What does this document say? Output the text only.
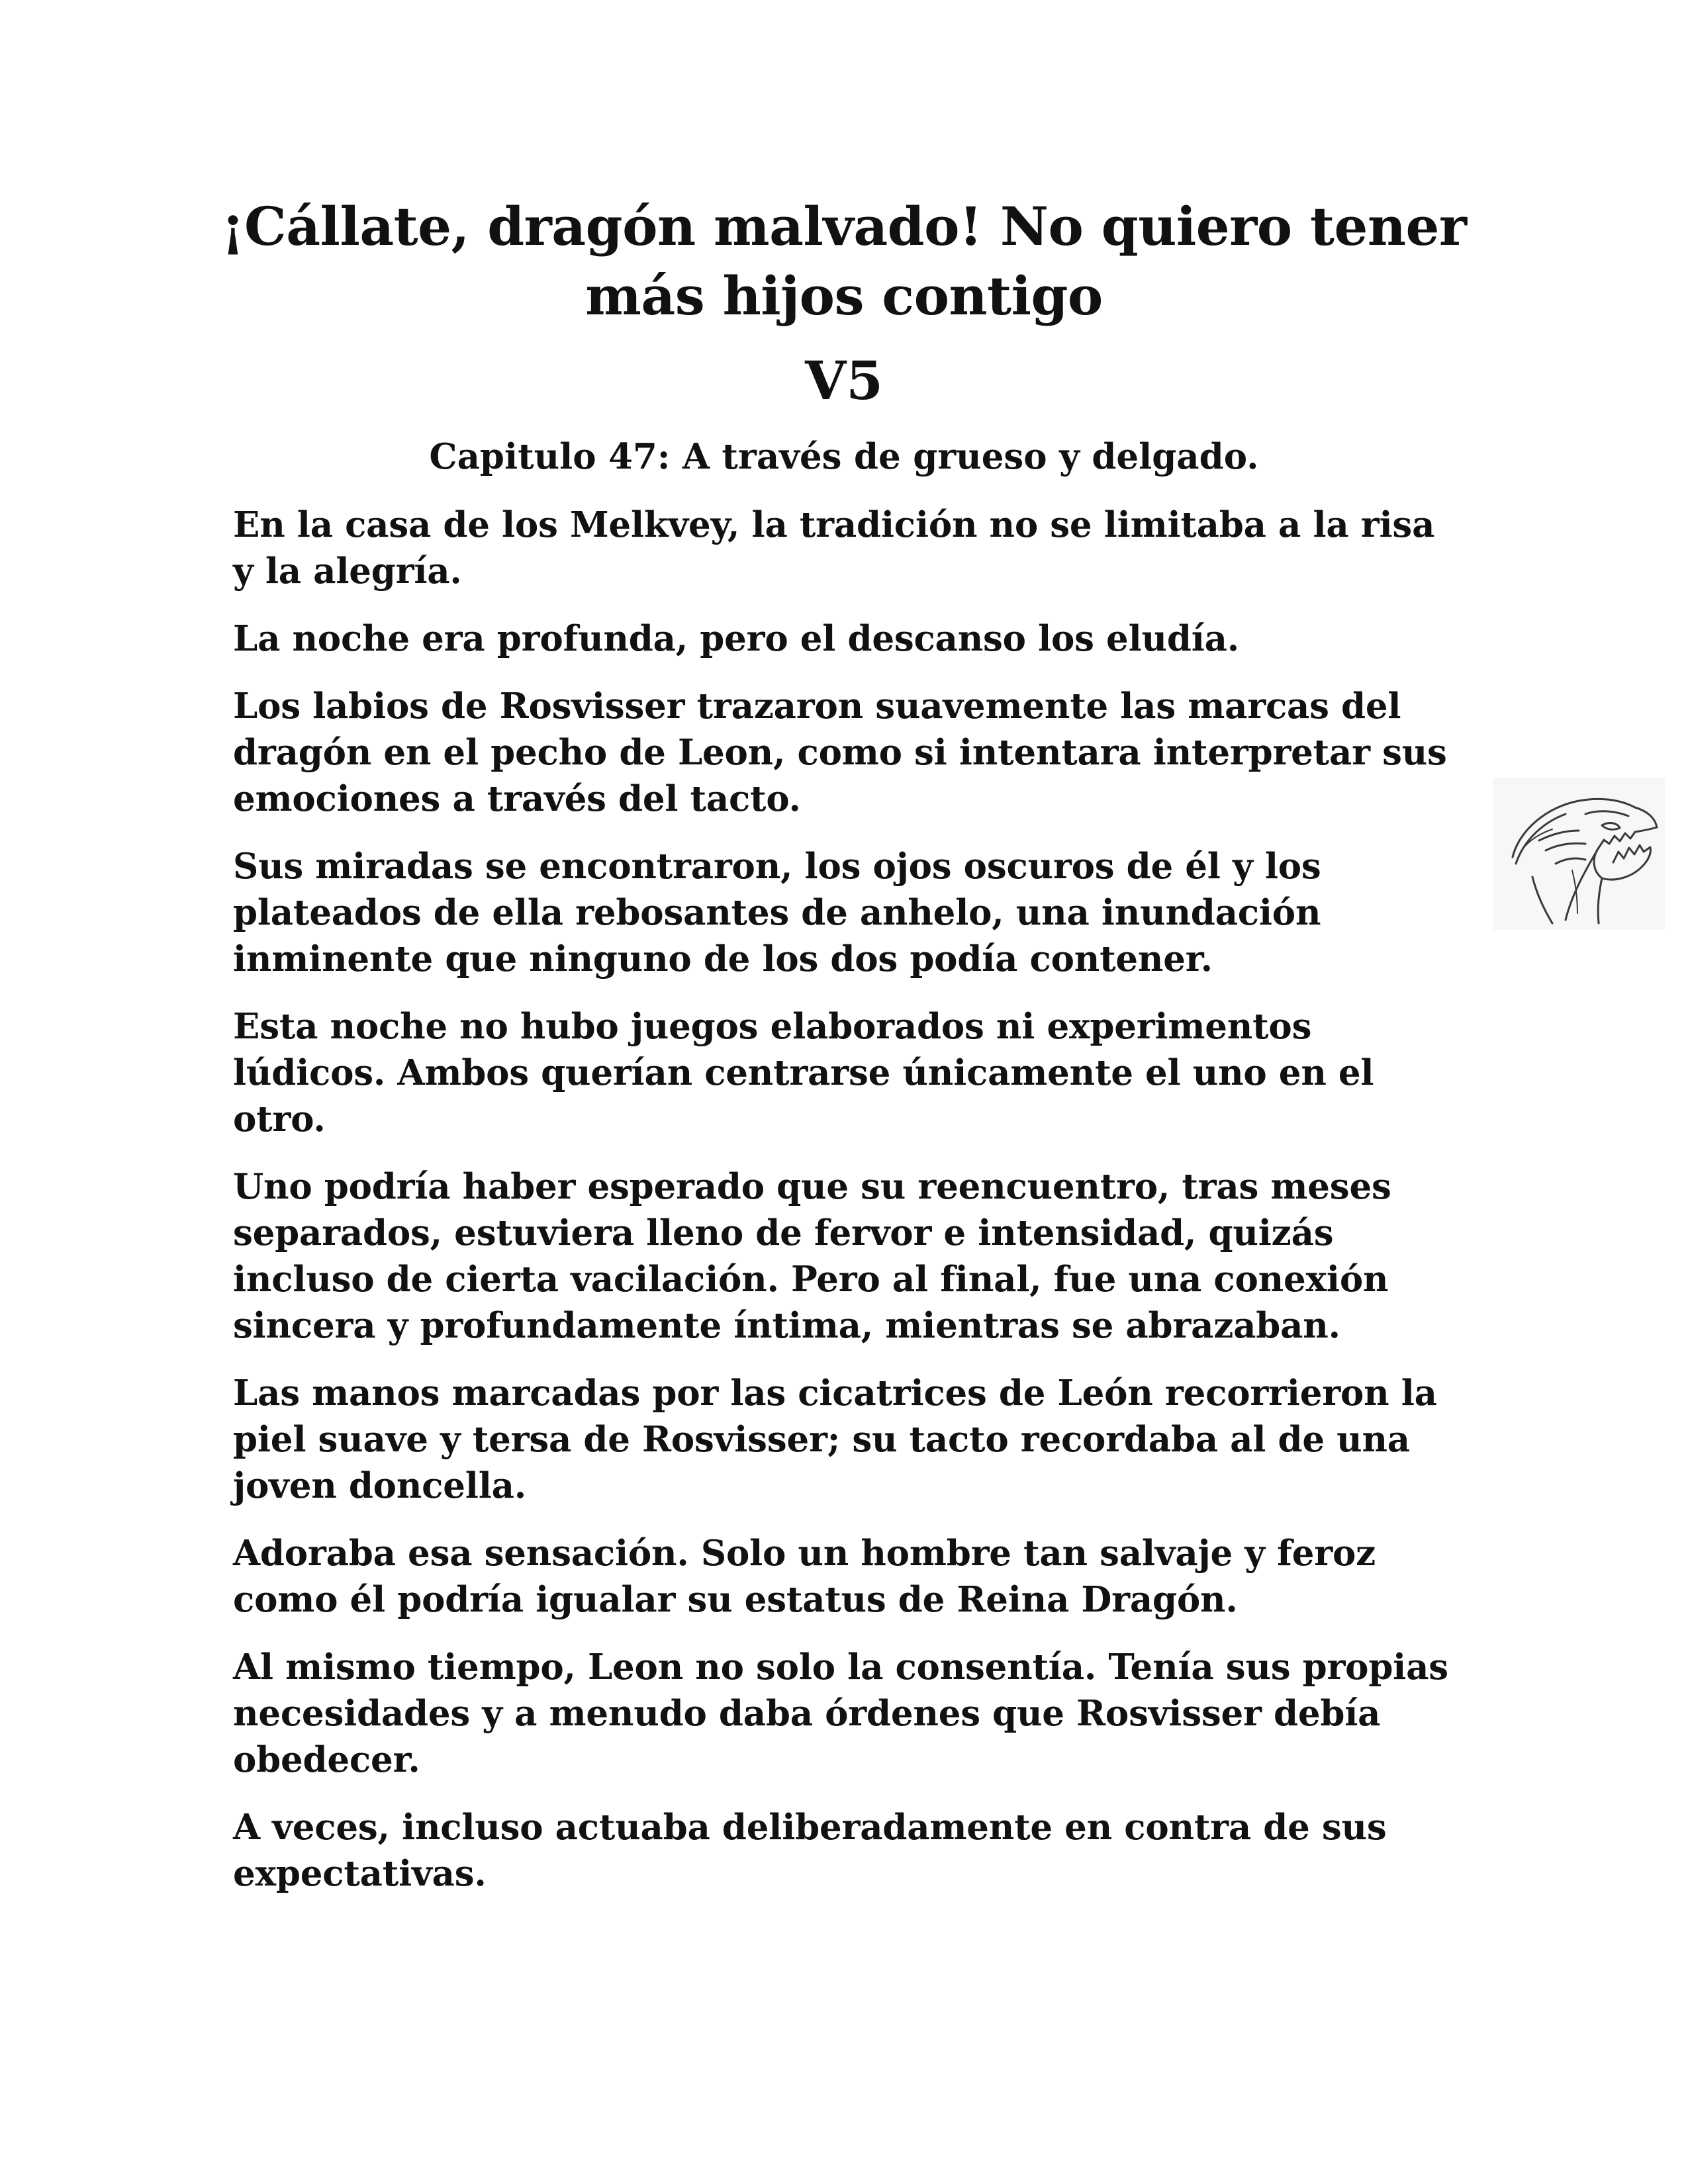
¡Cállate, dragón malvado! No quiero tener más hijos contigo
V5
Capitulo 47: A través de grueso y delgado.

En la casa de los Melkvey, la tradición no se limitaba a la risa y la alegría.

La noche era profunda, pero el descanso los eludía.

Los labios de Rosvisser trazaron suavemente las marcas del dragón en el pecho de Leon, como si intentara interpretar sus emociones a través del tacto.

Sus miradas se encontraron, los ojos oscuros de él y los plateados de ella rebosantes de anhelo, una inundación inminente que ninguno de los dos podía contener.

Esta noche no hubo juegos elaborados ni experimentos lúdicos. Ambos querían centrarse únicamente el uno en el otro.

Uno podría haber esperado que su reencuentro, tras meses separados, estuviera lleno de fervor e intensidad, quizás incluso de cierta vacilación. Pero al final, fue una conexión sincera y profundamente íntima, mientras se abrazaban.

Las manos marcadas por las cicatrices de León recorrieron la piel suave y tersa de Rosvisser; su tacto recordaba al de una joven doncella.

Adoraba esa sensación. Solo un hombre tan salvaje y feroz como él podría igualar su estatus de Reina Dragón.

Al mismo tiempo, Leon no solo la consentía. Tenía sus propias necesidades y a menudo daba órdenes que Rosvisser debía obedecer.

A veces, incluso actuaba deliberadamente en contra de sus expectativas.
